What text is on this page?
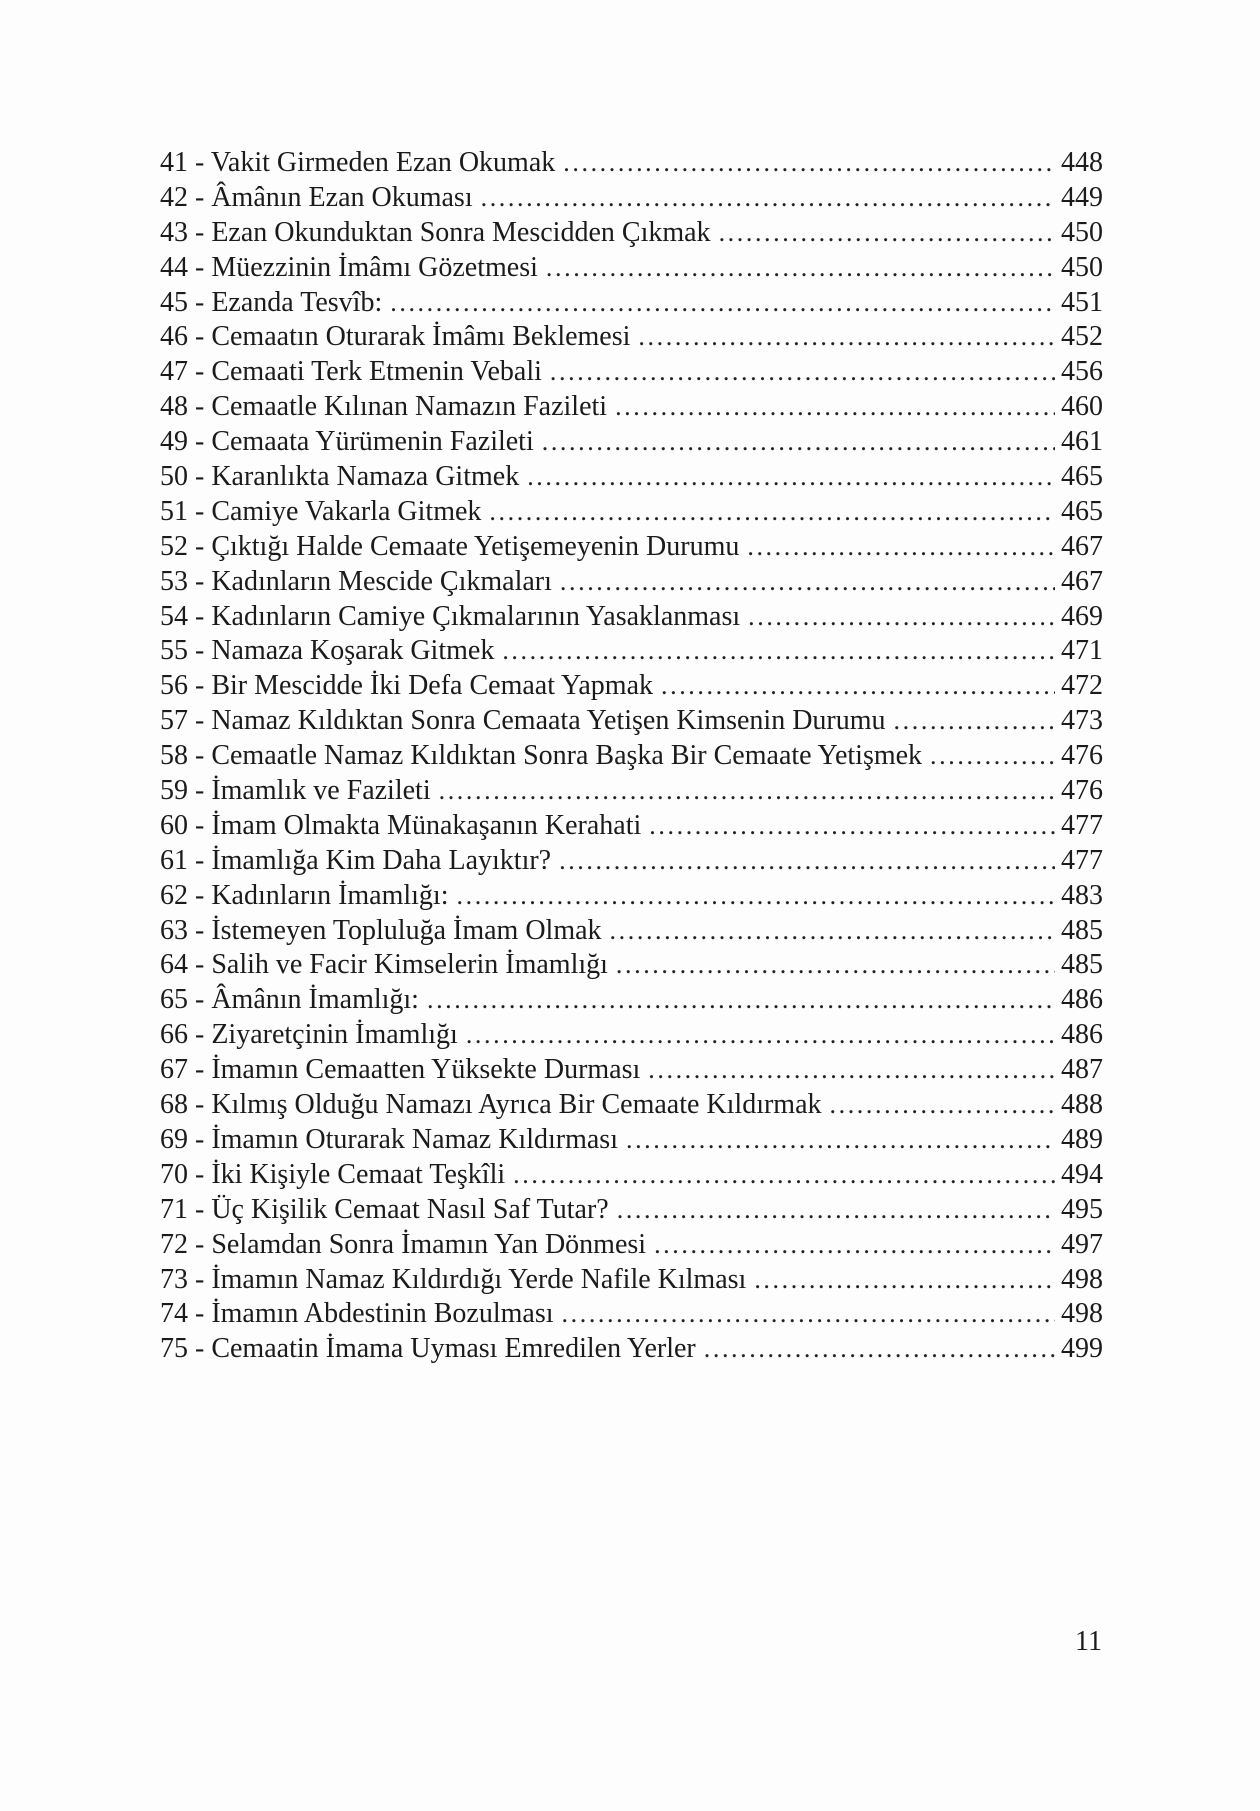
41 - Vakit Girmeden Ezan Okumak .....	448
42 - Âmânın Ezan Okuması .....	449
43 - Ezan Okunduktan Sonra Mescidden Çıkmak .....	450
44 - Müezzinin İmâmı Gözetmesi .....	450
45 - Ezanda Tesvîb: .....	451
46 - Cemaatın Oturarak İmâmı Beklemesi .....	452
47 - Cemaati Terk Etmenin Vebali .....	456
48 - Cemaatle Kılınan Namazın Fazileti .....	460
49 - Cemaata Yürümenin Fazileti .....	461
50 - Karanlıkta Namaza Gitmek .....	465
51 - Camiye Vakarla Gitmek .....	465
52 - Çıktığı Halde Cemaate Yetişemeyenin Durumu .....	467
53 - Kadınların Mescide Çıkmaları .....	467
54 - Kadınların Camiye Çıkmalarının Yasaklanması .....	469
55 - Namaza Koşarak Gitmek .....	471
56 - Bir Mescidde İki Defa Cemaat Yapmak .....	472
57 - Namaz Kıldıktan Sonra Cemaata Yetişen Kimsenin Durumu .....	473
58 - Cemaatle Namaz Kıldıktan Sonra Başka Bir Cemaate Yetişmek .....	476
59 - İmamlık ve Fazileti .....	476
60 - İmam Olmakta Münakaşanın Kerahati .....	477
61 - İmamlığa Kim Daha Layıktır? .....	477
62 - Kadınların İmamlığı: .....	483
63 - İstemeyen Topluluğa İmam Olmak .....	485
64 - Salih ve Facir Kimselerin İmamlığı .....	485
65 - Âmânın İmamlığı: .....	486
66 - Ziyaretçinin İmamlığı .....	486
67 - İmamın Cemaatten Yüksekte Durması .....	487
68 - Kılmış Olduğu Namazı Ayrıca Bir Cemaate Kıldırmak .....	488
69 - İmamın Oturarak Namaz Kıldırması .....	489
70 - İki Kişiyle Cemaat Teşkîli .....	494
71 - Üç Kişilik Cemaat Nasıl Saf Tutar? .....	495
72 - Selamdan Sonra İmamın Yan Dönmesi .....	497
73 - İmamın Namaz Kıldırdığı Yerde Nafile Kılması .....	498
74 - İmamın Abdestinin Bozulması .....	498
75 - Cemaatin İmama Uyması Emredilen Yerler .....	499
11
